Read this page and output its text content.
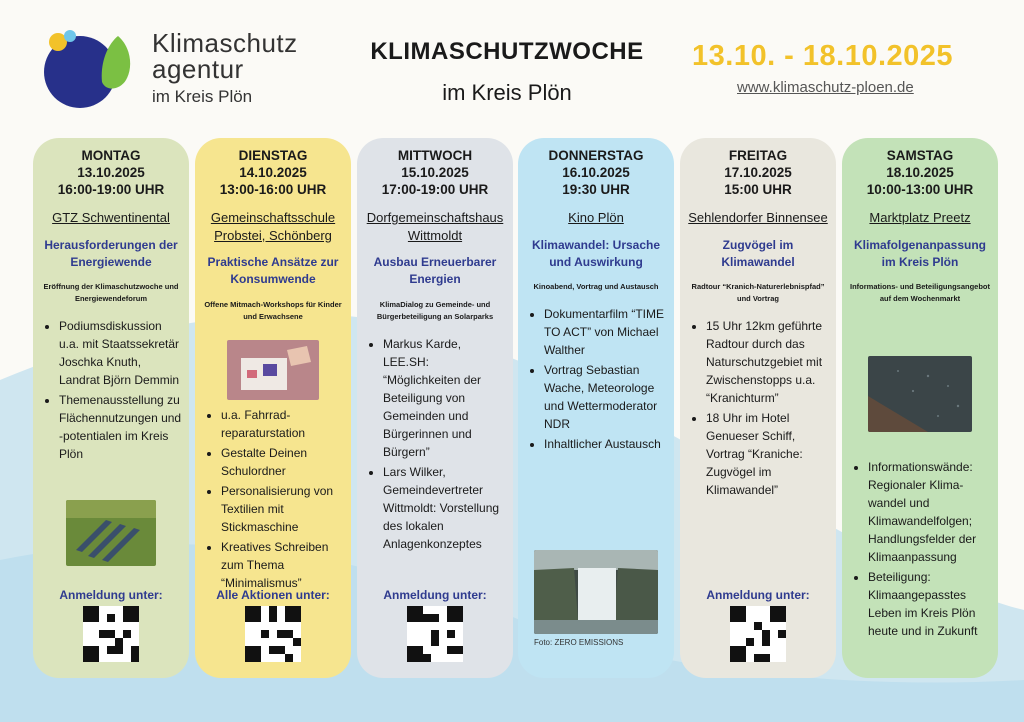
Klimaschutz
agentur
im Kreis Plön
KLIMASCHUTZWOCHE
im Kreis Plön
13.10. - 18.10.2025
www.klimaschutz-ploen.de
MONTAG
13.10.2025
16:00-19:00 UHR
GTZ Schwentinental
Herausforderungen der Energiewende
Eröffnung der Klimaschutzwoche und Energiewendeforum
• Podiumsdiskussion u.a. mit Staatssekretär Joschka Knuth, Landrat Björn Demmin
• Themenausstellung zu Flächennutzungen und -potentialen im Kreis Plön
Anmeldung unter:
DIENSTAG
14.10.2025
13:00-16:00 UHR
Gemeinschaftsschule Probstei, Schönberg
Praktische Ansätze zur Konsumwende
Offene Mitmach-Workshops für Kinder und Erwachsene
• u.a. Fahrrad-reparaturstation
• Gestalte Deinen Schulordner
• Personalisierung von Textilien mit Stickmaschine
• Kreatives Schreiben zum Thema “Minimalismus”
Alle Aktionen unter:
MITTWOCH
15.10.2025
17:00-19:00 UHR
Dorfgemeinschaftshaus Wittmoldt
Ausbau Erneuerbarer Energien
KlimaDialog zu Gemeinde- und Bürgerbeteiligung an Solarparks
• Markus Karde, LEE.SH: “Möglichkeiten der Beteiligung von Gemeinden und Bürgerinnen und Bürgern”
• Lars Wilker, Gemeindevertreter Wittmoldt: Vorstellung des lokalen Anlagenkonzeptes
Anmeldung unter:
DONNERSTAG
16.10.2025
19:30 UHR
Kino Plön
Klimawandel: Ursache und Auswirkung
Kinoabend, Vortrag und Austausch
• Dokumentarfilm “TIME TO ACT” von Michael Walther
• Vortrag Sebastian Wache, Meteorologe und Wettermoderator NDR
• Inhaltlicher Austausch
Foto: ZERO EMISSIONS
FREITAG
17.10.2025
15:00 UHR
Sehlendorfer Binnensee
Zugvögel im Klimawandel
Radtour “Kranich-Naturerlebnispfad” und Vortrag
• 15 Uhr 12km geführte Radtour durch das Naturschutzgebiet mit Zwischenstopps u.a. “Kranichturm”
• 18 Uhr im Hotel Genueser Schiff, Vortrag “Kraniche: Zugvögel im Klimawandel”
Anmeldung unter:
SAMSTAG
18.10.2025
10:00-13:00 UHR
Marktplatz Preetz
Klimafolgenanpassung im Kreis Plön
Informations- und Beteiligungsangebot auf dem Wochenmarkt
• Informationswände: Regionaler Klima-wandel und Klimawandelfolgen; Handlungsfelder der Klimaanpassung
• Beteiligung: Klimaangepasstes Leben im Kreis Plön heute und in Zukunft
